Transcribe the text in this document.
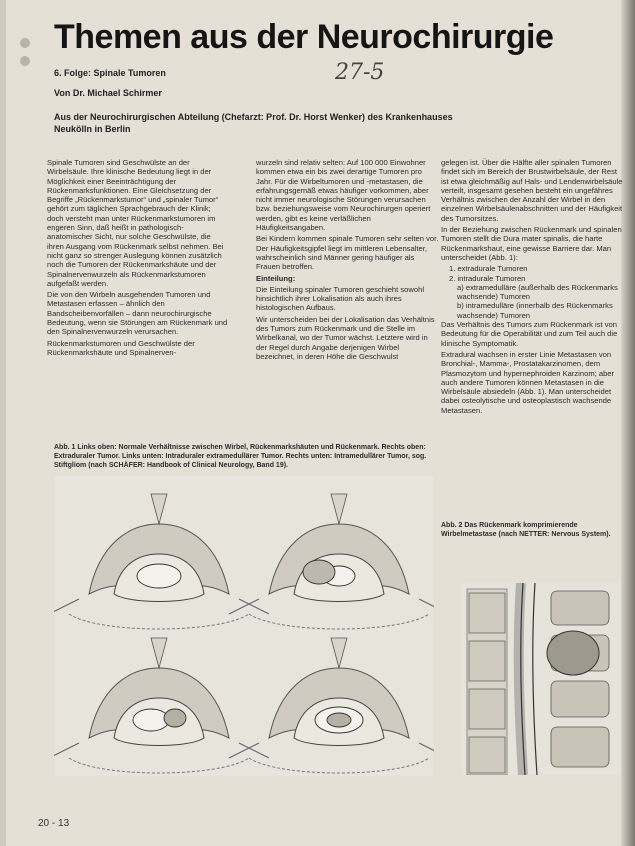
Themen aus der Neurochirurgie
27-5
6. Folge: Spinale Tumoren
Von Dr. Michael Schirmer
Aus der Neurochirurgischen Abteilung (Chefarzt: Prof. Dr. Horst Wenker) des Krankenhauses Neukölln in Berlin

Spinale Tumoren sind Geschwülste an der Wirbelsäule. Ihre klinische Bedeutung liegt in der Möglichkeit einer Beeinträchtigung der Rückenmarksfunktionen. Eine Gleichsetzung der Begriffe „Rückenmarkstumor“ und „spinaler Tumor“ gehört zum täglichen Sprachgebrauch der Klinik; doch versteht man unter Rückenmarkstumoren im engeren Sinn, daß heißt in pathologisch-anatomischer Sicht, nur solche Geschwülste, die ihren Ausgang vom Rückenmark selbst nehmen. Bei nicht ganz so strenger Auslegung können zusätzlich noch die Tumoren der Rückenmarkshäute und der Spinalnervenwurzeln als Rückenmarkstumoren aufgefaßt werden.

Die von den Wirbeln ausgehenden Tumoren und Metastasen erfassen – ähnlich den Bandscheibenvorfällen – dann neurochirurgische Bedeutung, wenn sie Störungen am Rückenmark und den Spinalnervenwurzeln verursachen.

Rückenmarkstumoren und Geschwülste der Rückenmarkshäute und Spinalnerven-

wurzeln sind relativ selten: Auf 100 000 Einwohner kommen etwa ein bis zwei derartige Tumoren pro Jahr. Für die Wirbeltumoren und -metastasen, die erfahrungsgemäß etwas häufiger vorkommen, aber nicht immer neurologische Störungen verursachen bzw. beziehungsweise vom Neurochirurgen operiert werden, gibt es keine verläßlichen Häufigkeitsangaben.

Bei Kindern kommen spinale Tumoren sehr selten vor. Der Häufigkeitsgipfel liegt im mittleren Lebensalter, wahrscheinlich sind Männer gering häufiger als Frauen betroffen.

Einteilung:

Die Einteilung spinaler Tumoren geschieht sowohl hinsichtlich ihrer Lokalisation als auch ihres histologischen Aufbaus.

Wir unterscheiden bei der Lokalisation das Verhältnis des Tumors zum Rückenmark und die Stelle im Wirbelkanal, wo der Tumor wächst. Letztere wird in der Regel durch Angabe derjenigen Wirbel bezeichnet, in deren Höhe die Geschwulst

gelegen ist. Über die Hälfte aller spinalen Tumoren findet sich im Bereich der Brustwirbelsäule, der Rest ist etwa gleichmäßig auf Hals- und Lendenwirbelsäule verteilt, insgesamt gesehen besteht ein ungefähres Verhältnis zwischen der Anzahl der Wirbel in den einzelnen Wirbelsäulenabschnitten und der Häufigkeit des Tumorsitzes.

In der Beziehung zwischen Rückenmark und spinalen Tumoren stellt die Dura mater spinalis, die harte Rückenmarkshaut, eine gewisse Barriere dar. Man unterscheidet (Abb. 1):

1. extradurale Tumoren
2. intradurale Tumoren
a) extramedulläre (außerhalb des Rückenmarks wachsende) Tumoren
b) intramedulläre (innerhalb des Rückenmarks wachsende) Tumoren

Das Verhältnis des Tumors zum Rückenmark ist von Bedeutung für die Operabilität und zum Teil auch die klinische Symptomatik.

Extradural wachsen in erster Linie Metastasen von Bronchial-, Mamma-, Prostatakarzinomen, dem Plasmozytom und hypernephroiden Karzinom; aber auch andere Tumoren können Metastasen in die Wirbelsäule absiedeln (Abb. 1). Man unterscheidet dabei osteolytische und osteoplastisch wachsende Metastasen.

Abb. 1 Links oben: Normale Verhältnisse zwischen Wirbel, Rückenmarkshäuten und Rückenmark. Rechts oben: Extraduraler Tumor. Links unten: Intraduraler extramedullärer Tumor. Rechts unten: Intramedullärer Tumor, sog. Stiftgliom (nach SCHÄFER: Handbook of Clinical Neurology, Band 19).
Abb. 2 Das Rückenmark komprimierende Wirbelmetastase (nach NETTER: Nervous System).
20 - 13
